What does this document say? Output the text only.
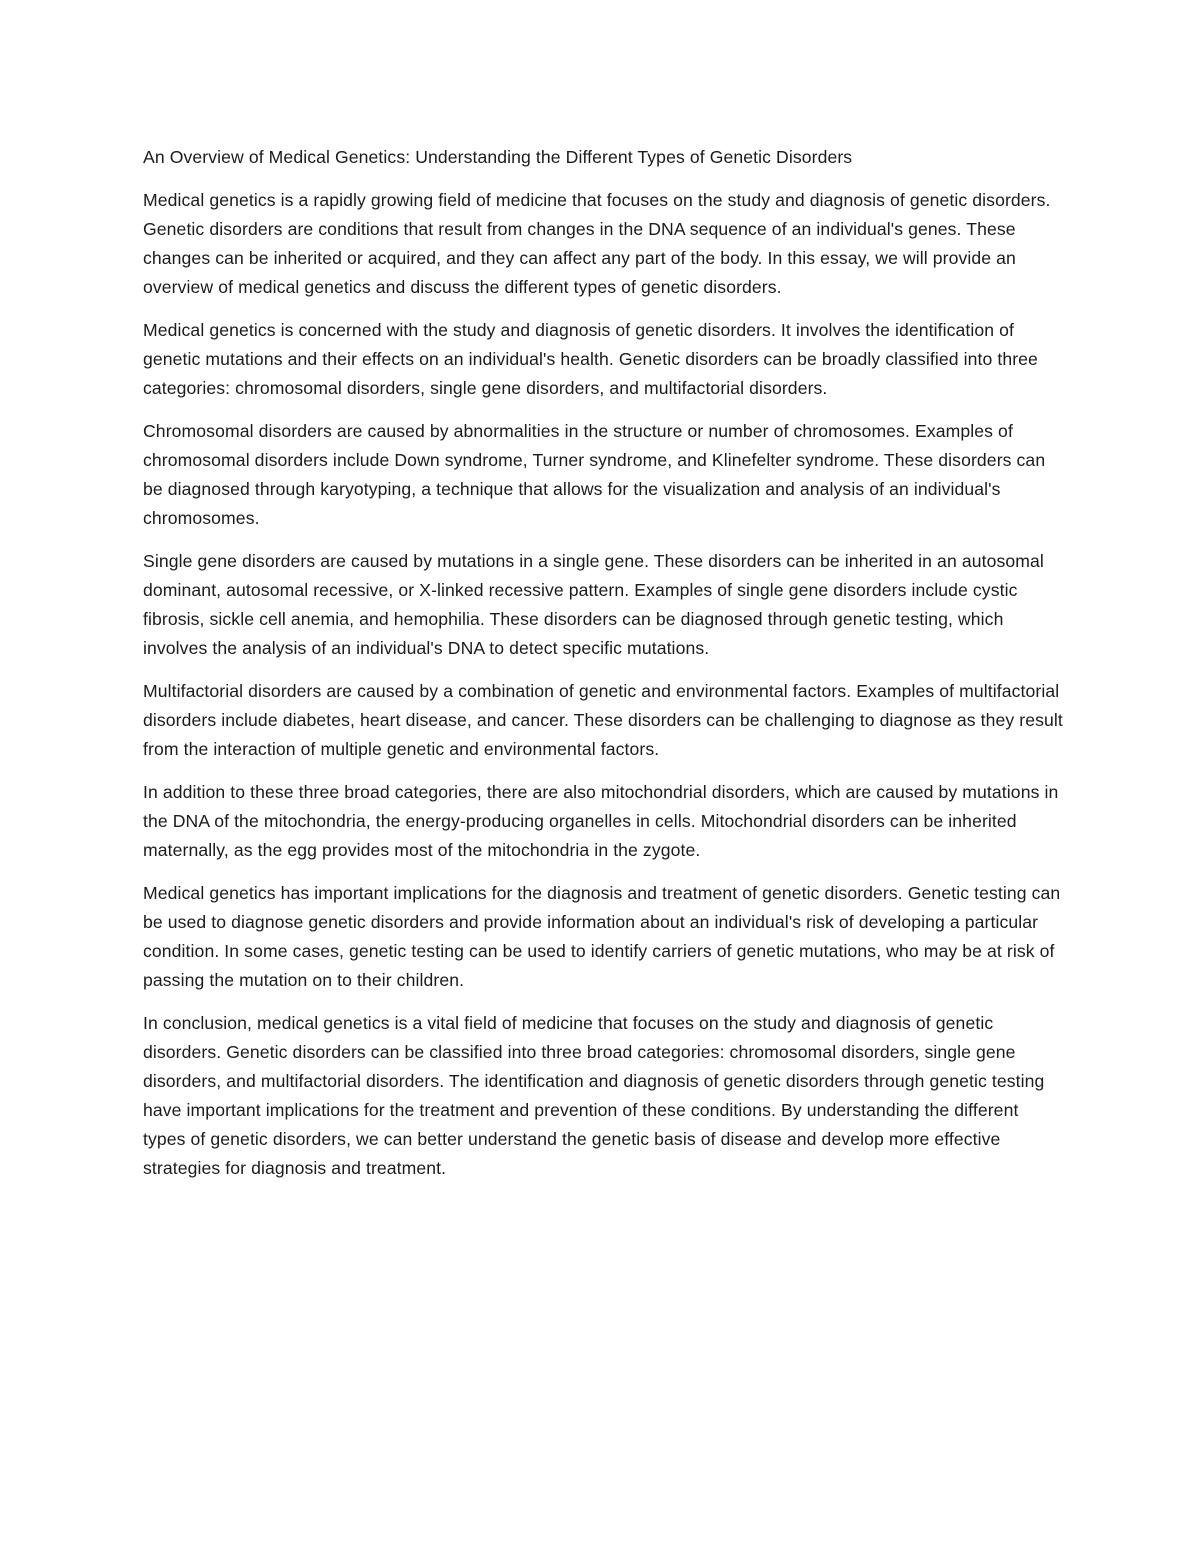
An Overview of Medical Genetics: Understanding the Different Types of Genetic Disorders

Medical genetics is a rapidly growing field of medicine that focuses on the study and diagnosis of genetic disorders. Genetic disorders are conditions that result from changes in the DNA sequence of an individual's genes. These changes can be inherited or acquired, and they can affect any part of the body. In this essay, we will provide an overview of medical genetics and discuss the different types of genetic disorders.

Medical genetics is concerned with the study and diagnosis of genetic disorders. It involves the identification of genetic mutations and their effects on an individual's health. Genetic disorders can be broadly classified into three categories: chromosomal disorders, single gene disorders, and multifactorial disorders.

Chromosomal disorders are caused by abnormalities in the structure or number of chromosomes. Examples of chromosomal disorders include Down syndrome, Turner syndrome, and Klinefelter syndrome. These disorders can be diagnosed through karyotyping, a technique that allows for the visualization and analysis of an individual's chromosomes.

Single gene disorders are caused by mutations in a single gene. These disorders can be inherited in an autosomal dominant, autosomal recessive, or X-linked recessive pattern. Examples of single gene disorders include cystic fibrosis, sickle cell anemia, and hemophilia. These disorders can be diagnosed through genetic testing, which involves the analysis of an individual's DNA to detect specific mutations.

Multifactorial disorders are caused by a combination of genetic and environmental factors. Examples of multifactorial disorders include diabetes, heart disease, and cancer. These disorders can be challenging to diagnose as they result from the interaction of multiple genetic and environmental factors.

In addition to these three broad categories, there are also mitochondrial disorders, which are caused by mutations in the DNA of the mitochondria, the energy-producing organelles in cells. Mitochondrial disorders can be inherited maternally, as the egg provides most of the mitochondria in the zygote.

Medical genetics has important implications for the diagnosis and treatment of genetic disorders. Genetic testing can be used to diagnose genetic disorders and provide information about an individual's risk of developing a particular condition. In some cases, genetic testing can be used to identify carriers of genetic mutations, who may be at risk of passing the mutation on to their children.

In conclusion, medical genetics is a vital field of medicine that focuses on the study and diagnosis of genetic disorders. Genetic disorders can be classified into three broad categories: chromosomal disorders, single gene disorders, and multifactorial disorders. The identification and diagnosis of genetic disorders through genetic testing have important implications for the treatment and prevention of these conditions. By understanding the different types of genetic disorders, we can better understand the genetic basis of disease and develop more effective strategies for diagnosis and treatment.
